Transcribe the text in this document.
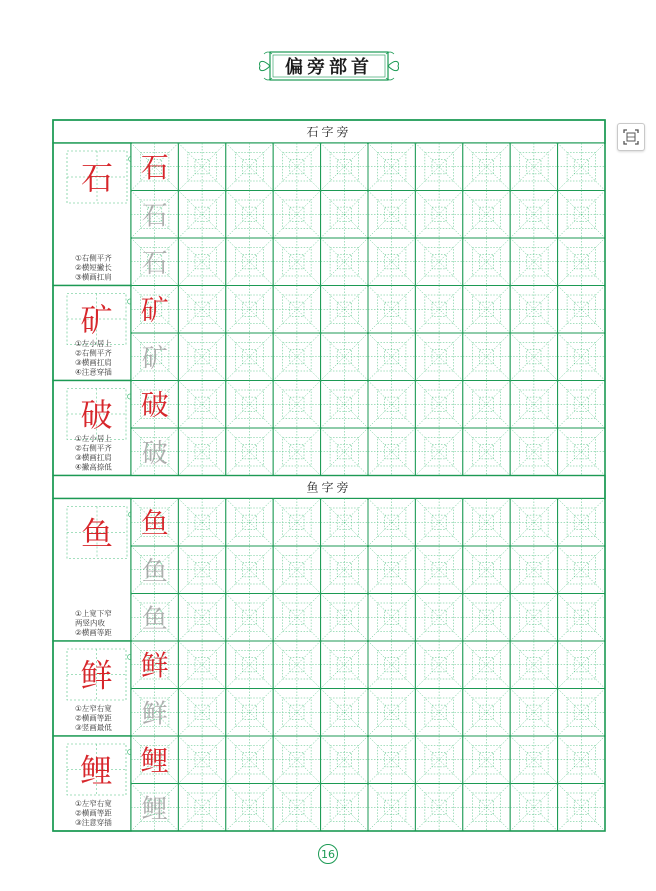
偏旁部首
石字旁
石
①右侧平齐
②横短撇长
③横画扛肩
石
石
石
矿
①左小居上
②右侧平齐
③横画扛肩
④注意穿插
矿
矿
破
①左小居上
②右侧平齐
③横画扛肩
④撇高捺低
破
破
鱼字旁
鱼
①上宽下窄
两竖内收
②横画等距
鱼
鱼
鱼
鲜
①左窄右宽
②横画等距
③竖画最低
鲜
鲜
鲤
①左窄右宽
②横画等距
③注意穿插
鲤
鲤
16
